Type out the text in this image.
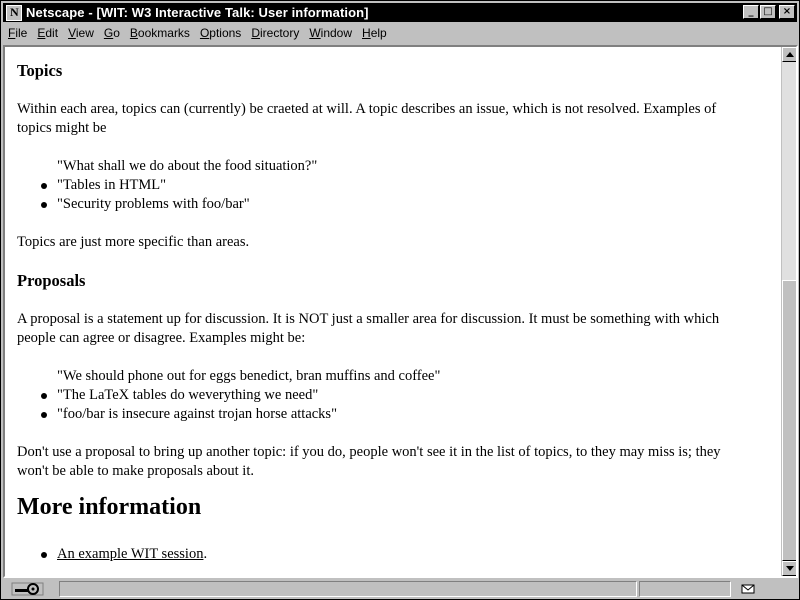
N
Netscape - [WIT: W3 Interactive Talk: User information]	_ □	×
File Edit View Go Bookmarks Options Directory Window Help
Topics

Within each area, topics can (currently) be craeted at will. A topic describes an issue, which is not resolved. Examples of topics might be

"What shall we do about the food situation?"
"Tables in HTML"
"Security problems with foo/bar"

Topics are just more specific than areas.

Proposals

A proposal is a statement up for discussion. It is NOT just a smaller area for discussion. It must be something with which people can agree or disagree. Examples might be:

"We should phone out for eggs benedict, bran muffins and coffee"
"The LaTeX tables do weverything we need"
"foo/bar is insecure against trojan horse attacks"

Don't use a proposal to bring up another topic: if you do, people won't see it in the list of topics, to they may miss is; they won't be able to make proposals about it.

More information
An example WIT session.
